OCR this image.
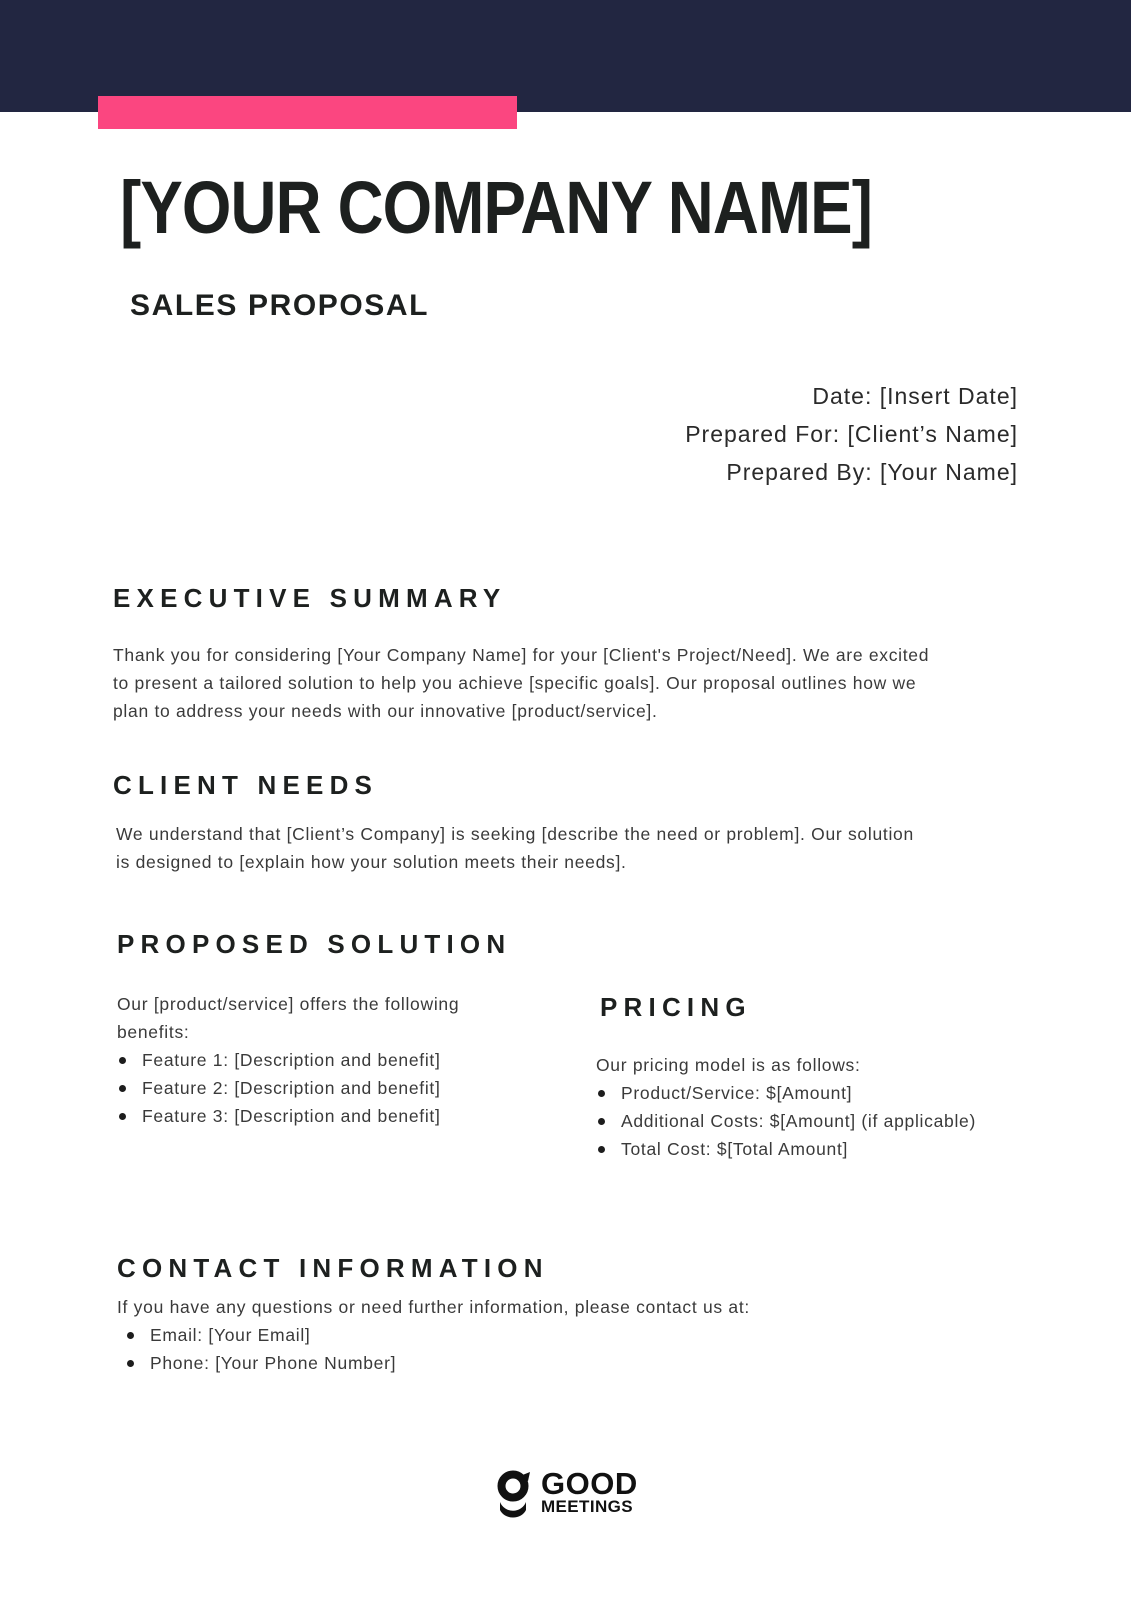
[YOUR COMPANY NAME]
SALES PROPOSAL
Date: [Insert Date]
Prepared For: [Client’s Name]
Prepared By: [Your Name]
EXECUTIVE SUMMARY
Thank you for considering [Your Company Name] for your [Client's Project/Need]. We are excited
to present a tailored solution to help you achieve [specific goals]. Our proposal outlines how we
plan to address your needs with our innovative [product/service].
CLIENT NEEDS
We understand that [Client’s Company] is seeking [describe the need or problem]. Our solution
is designed to [explain how your solution meets their needs].
PROPOSED SOLUTION
Our [product/service] offers the following
benefits:
Feature 1: [Description and benefit]
Feature 2: [Description and benefit]
Feature 3: [Description and benefit]
PRICING
Our pricing model is as follows:
Product/Service: $[Amount]
Additional Costs: $[Amount] (if applicable)
Total Cost: $[Total Amount]
CONTACT INFORMATION
If you have any questions or need further information, please contact us at:
Email: [Your Email]
Phone: [Your Phone Number]
GOOD
MEETINGS
